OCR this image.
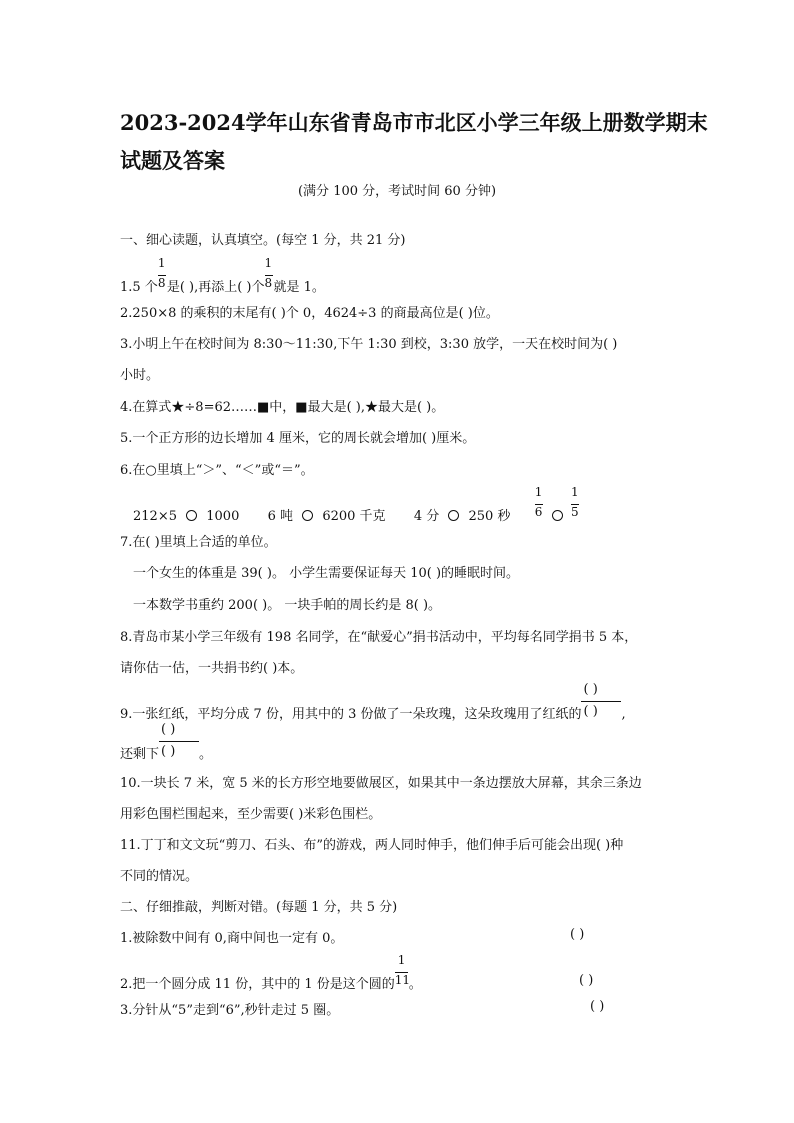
2023-2024学年山东省青岛市市北区小学三年级上册数学期末试题及答案
(满分 100 分，考试时间 60 分钟)
一、细心读题，认真填空。(每空 1 分，共 21 分)
1.5 个 $\frac{1}{8}$ 是( ),再添上( )个 $\frac{1}{8}$ 就是 1。
2.250×8 的乘积的末尾有( )个 0，4624÷3 的商最高位是( )位。
3.小明上午在校时间为 8:30～11:30,下午 1:30 到校，3:30 放学，一天在校时间为( )
小时。
4.在算式★÷8=62……■中，■最大是( ),★最大是( )。
5.一个正方形的边长增加 4 厘米，它的周长就会增加( )厘米。
6.在○里填上“＞”、“＜”或“＝”。
212×5 1000 6 吨 6200 千克 4 分 250 秒 $\frac{1}{6}$
$\frac{1}{5}$
7.在( )里填上合适的单位。
一个女生的体重是 39( )。 小学生需要保证每天 10( )的睡眠时间。
一本数学书重约 200( )。 一块手帕的周长约是 8( )。
8.青岛市某小学三年级有 198 名同学，在“献爱心”捐书活动中，平均每名同学捐书 5 本，
请你估一估，一共捐书约( )本。
9.一张红纸，平均分成 7 份，用其中的 3 份做了一朵玫瑰，这朵玫瑰用了红纸的 $\frac{( )}{( )}$ ,
还剩下 $\frac{( )}{( )}$ 。
10.一块长 7 米，宽 5 米的长方形空地要做展区，如果其中一条边摆放大屏幕，其余三条边
用彩色围栏围起来，至少需要( )米彩色围栏。
11.丁丁和文文玩“剪刀、石头、布”的游戏，两人同时伸手，他们伸手后可能会出现( )种
不同的情况。
二、仔细推敲，判断对错。(每题 1 分，共 5 分)
1.被除数中间有 0,商中间也一定有 0。	( )
2.把一个圆分成 11 份，其中的 1 份是这个圆的 $\frac{1}{11}$ 。	( )
3.分针从“5”走到“6”,秒针走过 5 圈。	( )
